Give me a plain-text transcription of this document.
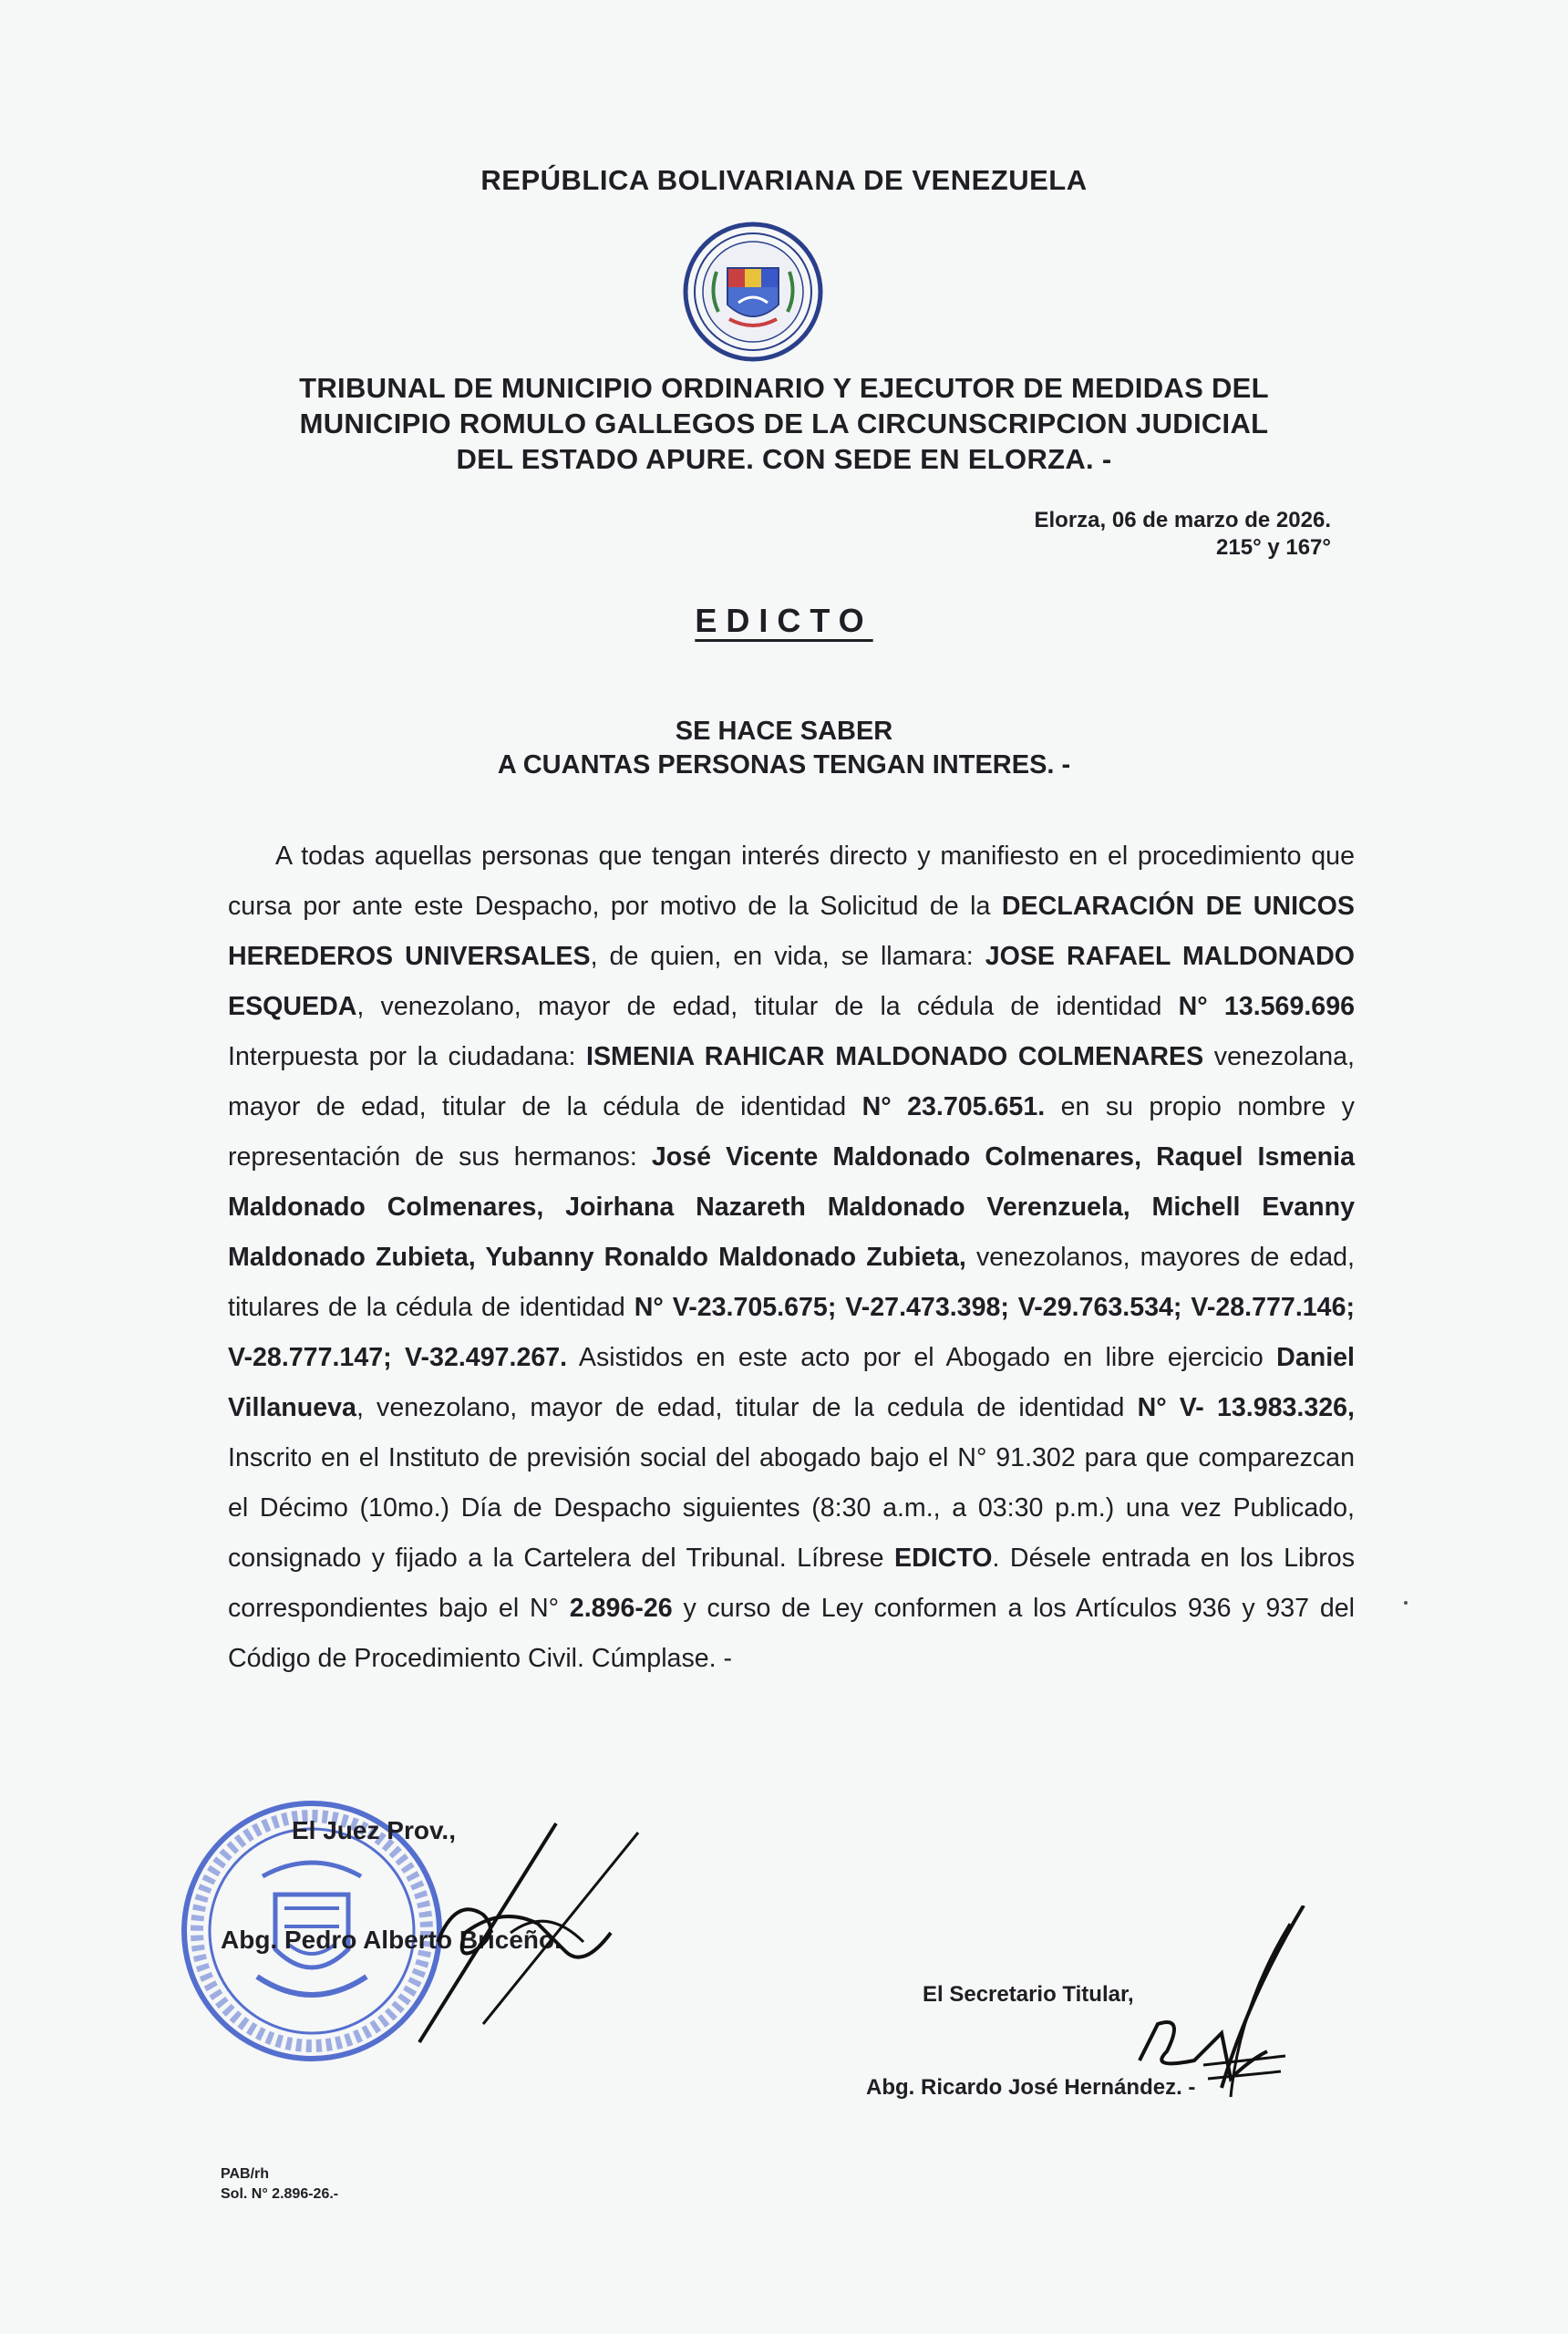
REPÚBLICA BOLIVARIANA DE VENEZUELA
TRIBUNAL DE MUNICIPIO ORDINARIO Y EJECUTOR DE MEDIDAS DEL
MUNICIPIO ROMULO GALLEGOS DE LA CIRCUNSCRIPCION JUDICIAL
DEL ESTADO APURE. CON SEDE EN ELORZA. -
Elorza, 06 de marzo de 2026.
215° y 167°
EDICTO
SE HACE SABER
A CUANTAS PERSONAS TENGAN INTERES. -

A todas aquellas personas que tengan interés directo y manifiesto en el procedimiento que cursa por ante este Despacho, por motivo de la Solicitud de la DECLARACIÓN DE UNICOS HEREDEROS UNIVERSALES, de quien, en vida, se llamara: JOSE RAFAEL MALDONADO ESQUEDA, venezolano, mayor de edad, titular de la cédula de identidad N° 13.569.696 Interpuesta por la ciudadana: ISMENIA RAHICAR MALDONADO COLMENARES venezolana, mayor de edad, titular de la cédula de identidad N° 23.705.651. en su propio nombre y representación de sus hermanos: José Vicente Maldonado Colmenares, Raquel Ismenia Maldonado Colmenares, Joirhana Nazareth Maldonado Verenzuela, Michell Evanny Maldonado Zubieta, Yubanny Ronaldo Maldonado Zubieta, venezolanos, mayores de edad, titulares de la cédula de identidad N° V-23.705.675; V-27.473.398; V-29.763.534; V-28.777.146; V-28.777.147; V-32.497.267. Asistidos en este acto por el Abogado en libre ejercicio Daniel Villanueva, venezolano, mayor de edad, titular de la cedula de identidad N° V- 13.983.326, Inscrito en el Instituto de previsión social del abogado bajo el N° 91.302 para que comparezcan el Décimo (10mo.) Día de Despacho siguientes (8:30 a.m., a 03:30 p.m.) una vez Publicado, consignado y fijado a la Cartelera del Tribunal. Líbrese EDICTO. Désele entrada en los Libros correspondientes bajo el N° 2.896-26 y curso de Ley conformen a los Artículos 936 y 937 del Código de Procedimiento Civil. Cúmplase. -

El Juez Prov.,
Abg. Pedro Alberto Briceño.
El Secretario Titular,
Abg. Ricardo José Hernández. -
PAB/rh
Sol. N° 2.896-26.-
